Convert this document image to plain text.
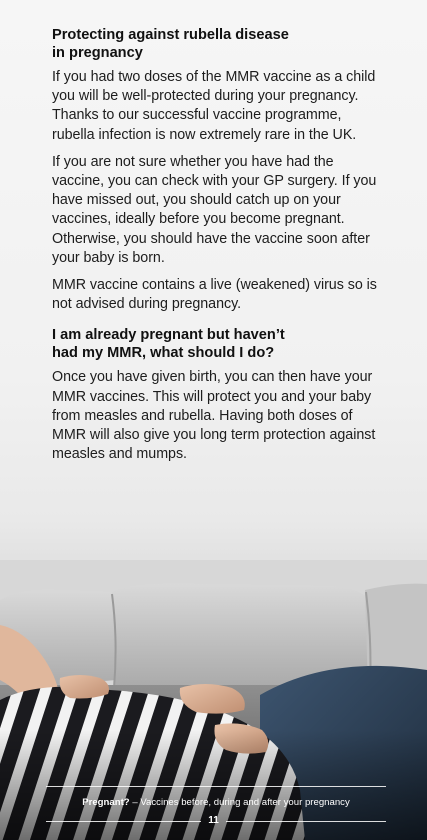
Protecting against rubella disease
in pregnancy

If you had two doses of the MMR vaccine as a child you will be well-protected during your pregnancy. Thanks to our successful vaccine programme, rubella infection is now extremely rare in the UK.

If you are not sure whether you have had the vaccine, you can check with your GP surgery. If you have missed out, you should catch up on your vaccines, ideally before you become pregnant. Otherwise, you should have the vaccine soon after your baby is born.

MMR vaccine contains a live (weakened) virus so is not advised during pregnancy.

I am already pregnant but haven’t
had my MMR, what should I do?

Once you have given birth, you can then have your MMR vaccines. This will protect you and your baby from measles and rubella. Having both doses of MMR will also give you long term protection against measles and mumps.

Pregnant? – Vaccines before, during and after your pregnancy
11
